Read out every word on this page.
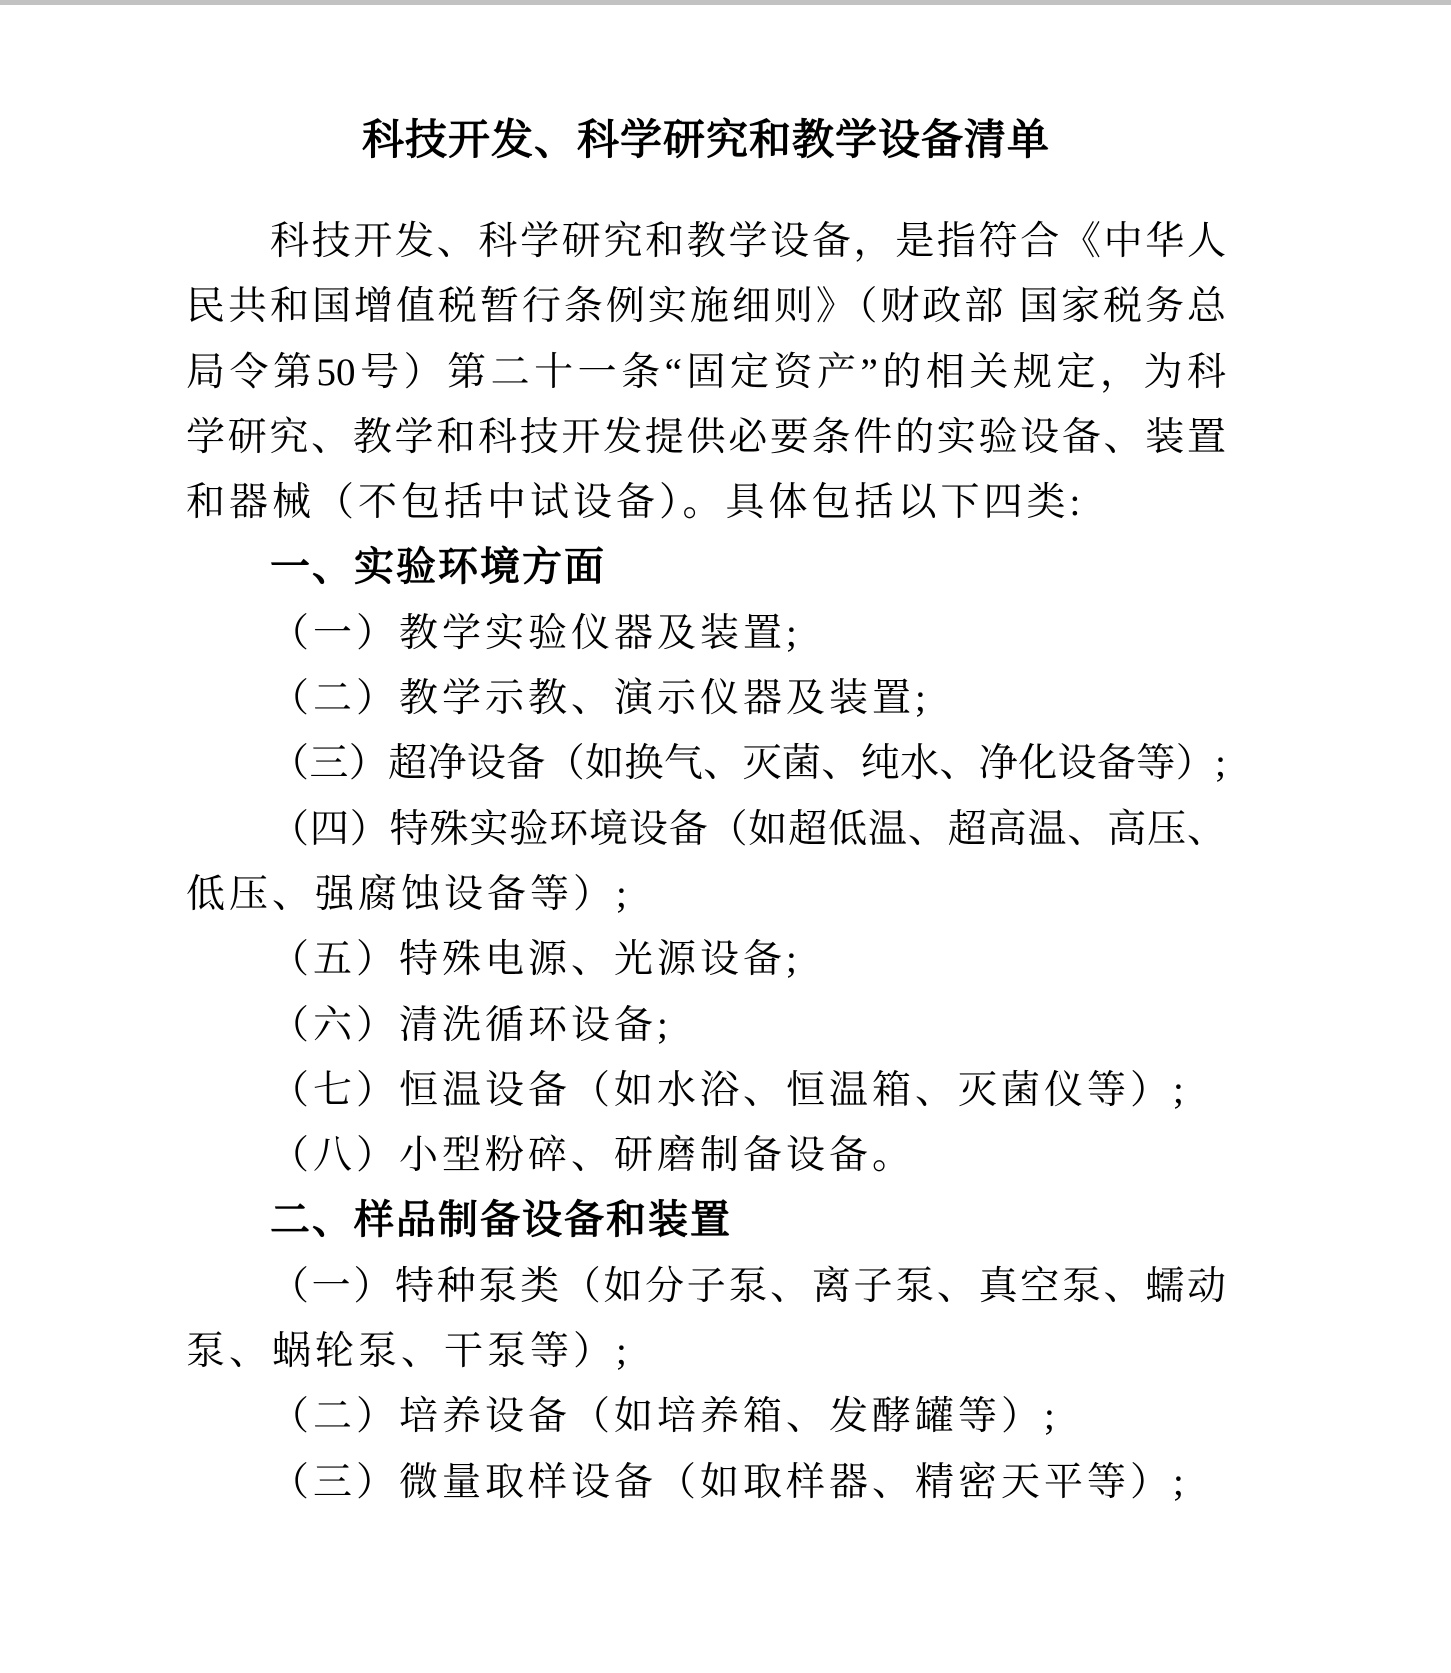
科技开发、科学研究和教学设备清单
科技开发、科学研究和教学设备，是指符合《中华人
民共和国增值税暂行条例实施细则》（财政部 国家税务总
局令第50号）第二十一条“固定资产”的相关规定，为科
学研究、教学和科技开发提供必要条件的实验设备、装置
和器械（不包括中试设备）。具体包括以下四类:
一、实验环境方面
（一）教学实验仪器及装置;
（二）教学示教、演示仪器及装置;
（三）超净设备（如换气、灭菌、纯水、净化设备等）;
（四）特殊实验环境设备（如超低温、超高温、高压、
低压、强腐蚀设备等）;
（五）特殊电源、光源设备;
（六）清洗循环设备;
（七）恒温设备（如水浴、恒温箱、灭菌仪等）;
（八）小型粉碎、研磨制备设备。
二、样品制备设备和装置
（一）特种泵类（如分子泵、离子泵、真空泵、蠕动
泵、蜗轮泵、干泵等）;
（二）培养设备（如培养箱、发酵罐等）;
（三）微量取样设备（如取样器、精密天平等）;
